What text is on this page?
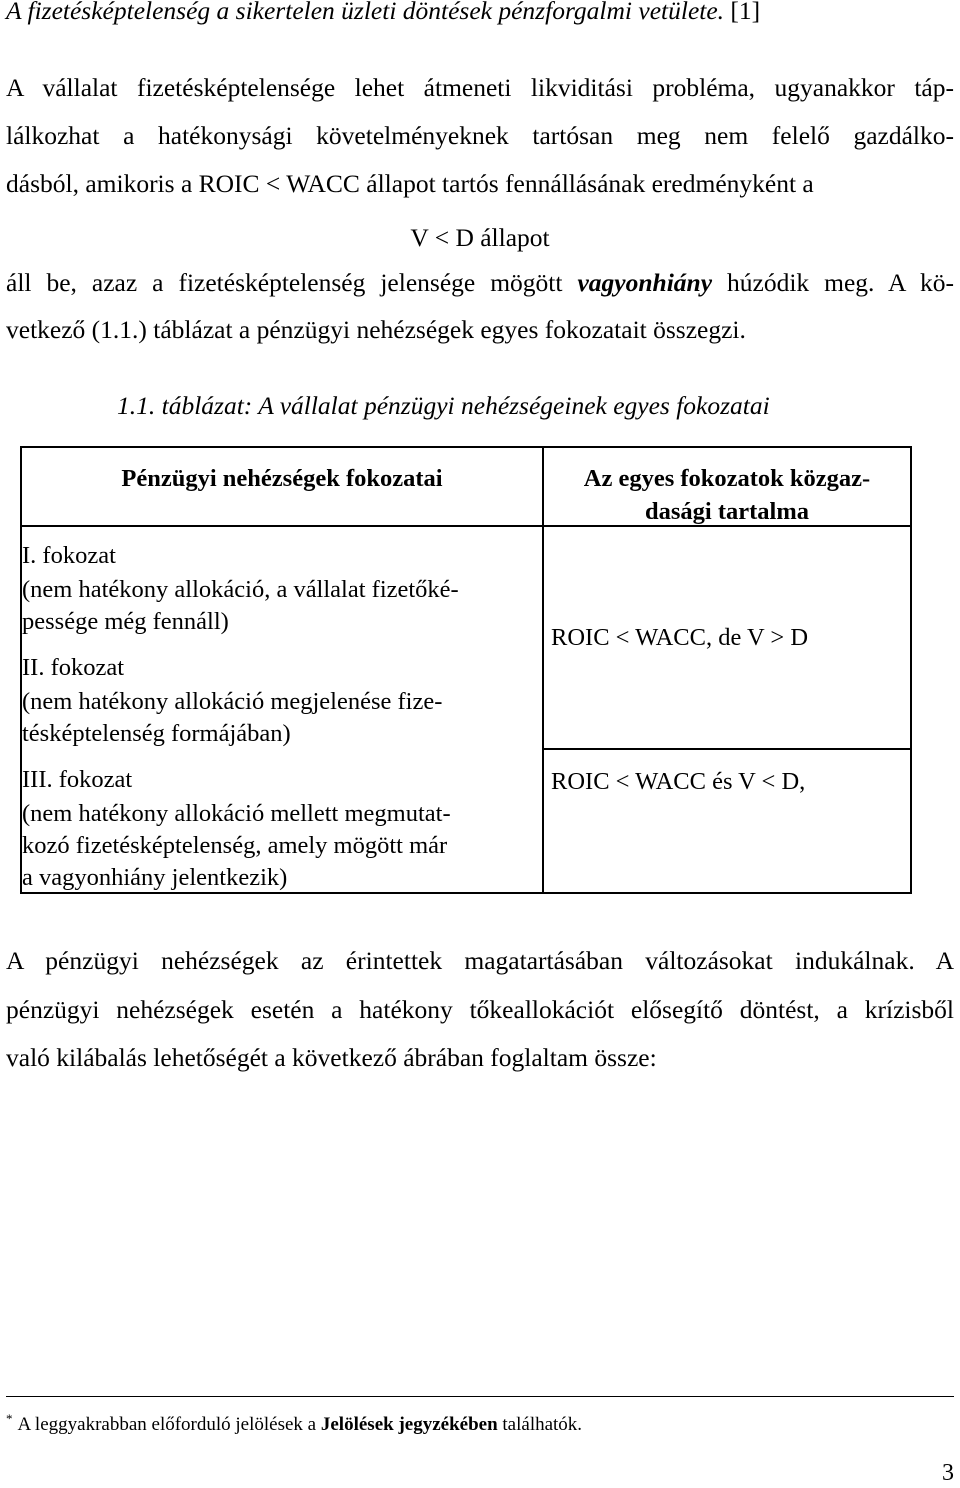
A fizetésképtelenség a sikertelen üzleti döntések pénzforgalmi vetülete. [1]
A vállalat fizetésképtelensége lehet átmeneti likviditási probléma, ugyanakkor táp-
lálkozhat a hatékonysági követelményeknek tartósan meg nem felelő gazdálko-
dásból, amikoris a ROIC < WACC állapot tartós fennállásának eredményként a
V < D állapot
áll be, azaz a fizetésképtelenség jelensége mögött vagyonhiány húzódik meg. A kö-
vetkező (1.1.) táblázat a pénzügyi nehézségek egyes fokozatait összegzi.
1.1. táblázat: A vállalat pénzügyi nehézségeinek egyes fokozatai
Pénzügyi nehézségek fokozatai	Az egyes fokozatok közgaz-
dasági tartalma
I. fokozat
(nem hatékony allokáció, a vállalat fizetőké-
pessége még fennáll)
II. fokozat
(nem hatékony allokáció megjelenése fize-
tésképtelenség formájában)
III. fokozat
(nem hatékony allokáció mellett megmutat-
kozó fizetésképtelenség, amely mögött már
a vagyonhiány jelentkezik)
ROIC < WACC, de V > D
ROIC < WACC és V < D,
A pénzügyi nehézségek az érintettek magatartásában változásokat indukálnak. A
pénzügyi nehézségek esetén a hatékony tőkeallokációt elősegítő döntést, a krízisből
való kilábalás lehetőségét a következő ábrában foglaltam össze:
* A leggyakrabban előforduló jelölések a Jelölések jegyzékében találhatók.
3
